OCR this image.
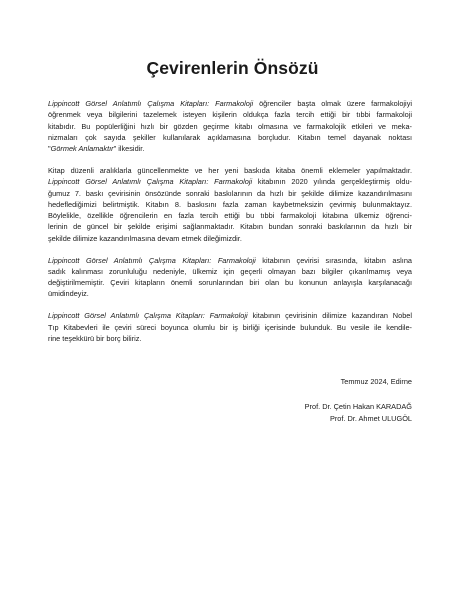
Çevirenlerin Önsözü
Lippincott Görsel Anlatımlı Çalışma Kitapları: Farmakoloji öğrenciler başta olmak üzere farmakolojiyi
öğrenmek veya bilgilerini tazelemek isteyen kişilerin oldukça fazla tercih ettiği bir tıbbi farmakoloji
kitabıdır. Bu popülerliğini hızlı bir gözden geçirme kitabı olmasına ve farmakolojik etkileri ve meka-
nizmaları çok sayıda şekiller kullanılarak açıklamasına borçludur. Kitabın temel dayanak noktası
"Görmek Anlamaktır" ilkesidir.
Kitap düzenli aralıklarla güncellenmekte ve her yeni baskıda kitaba önemli eklemeler yapılmaktadır.
Lippincott Görsel Anlatımlı Çalışma Kitapları: Farmakoloji kitabının 2020 yılında gerçekleştirmiş oldu-
ğumuz 7. baskı çevirisinin önsözünde sonraki baskılarının da hızlı bir şekilde dilimize kazandırılmasını
hedeflediğimizi belirtmiştik. Kitabın 8. baskısını fazla zaman kaybetmeksizin çevirmiş bulunmaktayız.
Böylelikle, özellikle öğrencilerin en fazla tercih ettiği bu tıbbi farmakoloji kitabına ülkemiz öğrenci-
lerinin de güncel bir şekilde erişimi sağlanmaktadır. Kitabın bundan sonraki baskılarının da hızlı bir
şekilde dilimize kazandırılmasına devam etmek dileğimizdir.
Lippincott Görsel Anlatımlı Çalışma Kitapları: Farmakoloji kitabının çevirisi sırasında, kitabın aslına
sadık kalınması zorunluluğu nedeniyle, ülkemiz için geçerli olmayan bazı bilgiler çıkarılmamış veya
değiştirilmemiştir. Çeviri kitapların önemli sorunlarından biri olan bu konunun anlayışla karşılanacağı
ümidindeyiz.
Lippincott Görsel Anlatımlı Çalışma Kitapları: Farmakoloji kitabının çevirisinin dilimize kazandıran Nobel
Tıp Kitabevleri ile çeviri süreci boyunca olumlu bir iş birliği içerisinde bulunduk. Bu vesile ile kendile-
rine teşekkürü bir borç biliriz.
Temmuz 2024, Edirne
Prof. Dr. Çetin Hakan KARADAĞ
Prof. Dr. Ahmet ULUGÖL
